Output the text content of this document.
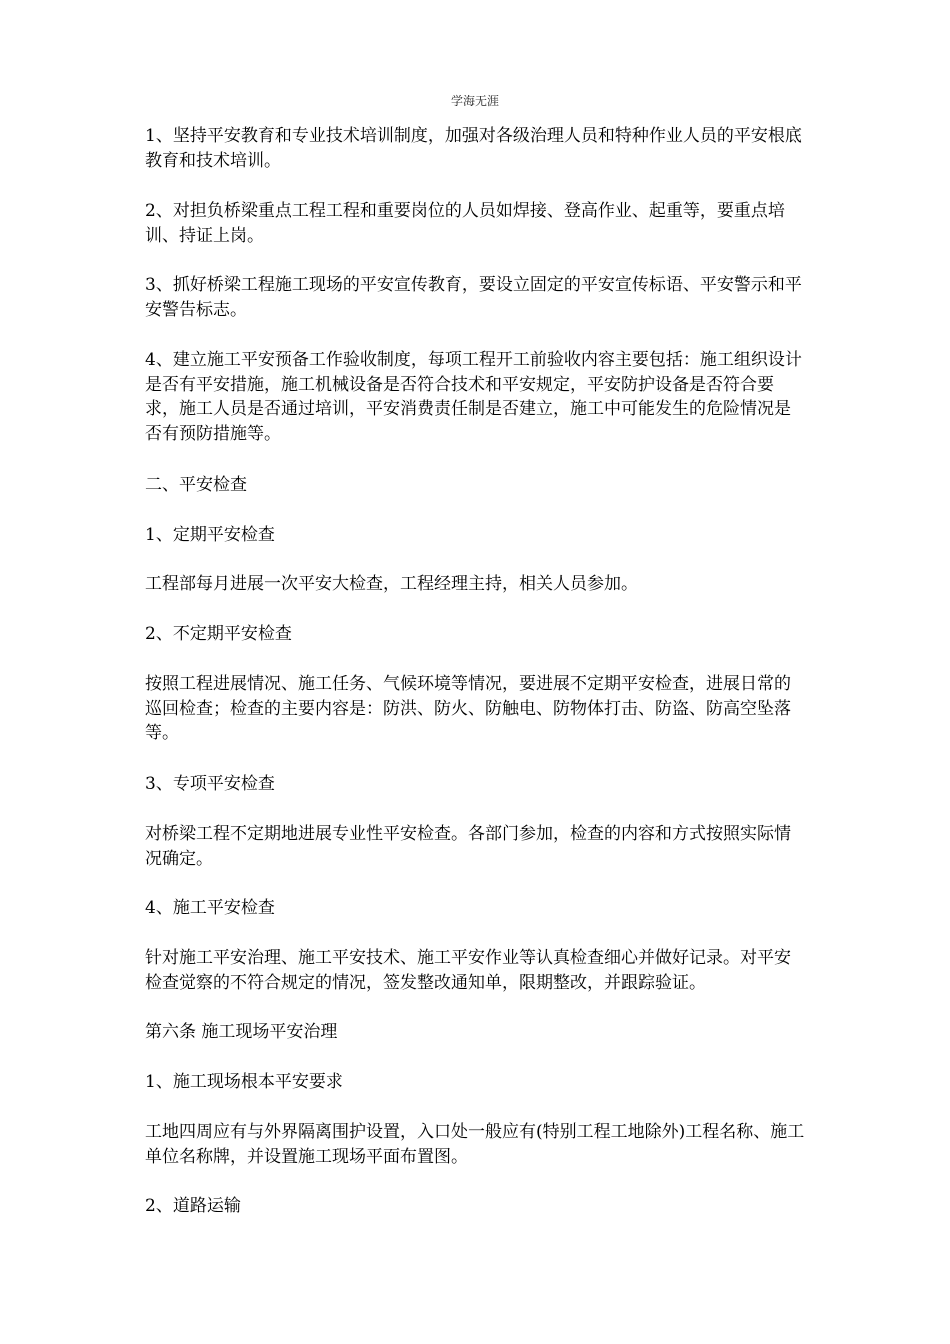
学海无涯

1、坚持平安教育和专业技术培训制度，加强对各级治理人员和特种作业人员的平安根底教育和技术培训。

2、对担负桥梁重点工程工程和重要岗位的人员如焊接、登高作业、起重等，要重点培训、持证上岗。

3、抓好桥梁工程施工现场的平安宣传教育，要设立固定的平安宣传标语、平安警示和平安警告标志。

4、建立施工平安预备工作验收制度，每项工程开工前验收内容主要包括：施工组织设计是否有平安措施，施工机械设备是否符合技术和平安规定，平安防护设备是否符合要求，施工人员是否通过培训，平安消费责任制是否建立，施工中可能发生的危险情况是否有预防措施等。

二、平安检查

1、定期平安检查

工程部每月进展一次平安大检查，工程经理主持，相关人员参加。

2、不定期平安检查

按照工程进展情况、施工任务、气候环境等情况，要进展不定期平安检查，进展日常的巡回检查；检查的主要内容是：防洪、防火、防触电、防物体打击、防盗、防高空坠落等。

3、专项平安检查

对桥梁工程不定期地进展专业性平安检查。各部门参加，检查的内容和方式按照实际情况确定。

4、施工平安检查

针对施工平安治理、施工平安技术、施工平安作业等认真检查细心并做好记录。对平安检查觉察的不符合规定的情况，签发整改通知单，限期整改，并跟踪验证。

第六条 施工现场平安治理

1、施工现场根本平安要求

工地四周应有与外界隔离围护设置，入口处一般应有(特别工程工地除外)工程名称、施工单位名称牌，并设置施工现场平面布置图。

2、道路运输
